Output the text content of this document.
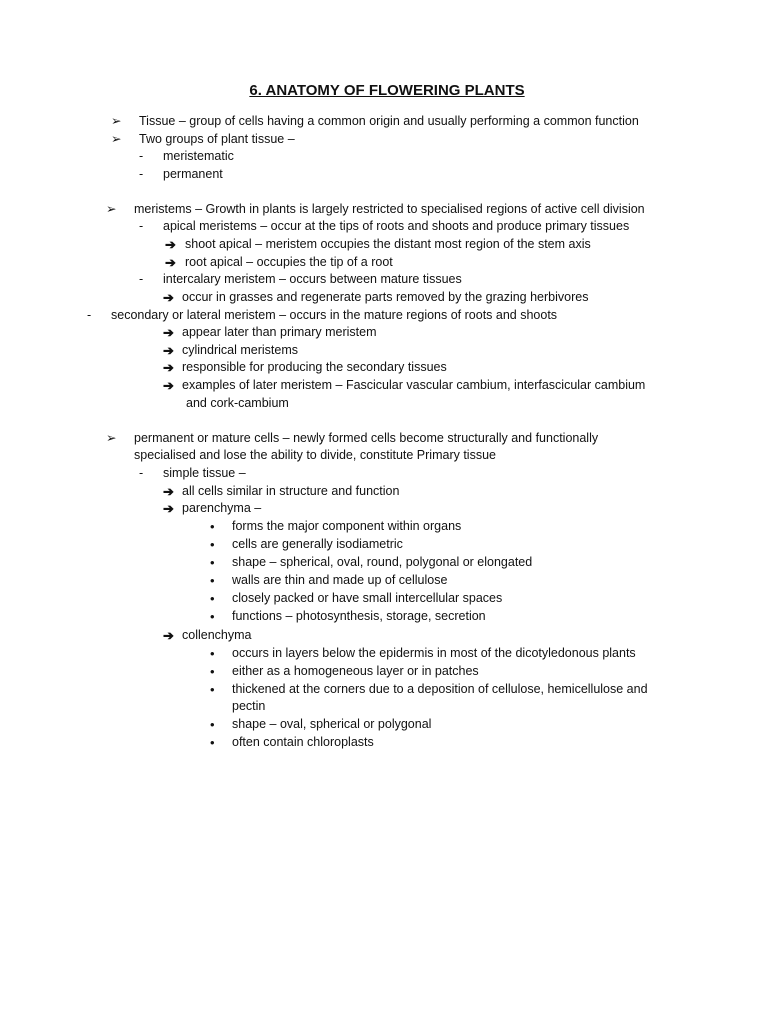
6. ANATOMY OF FLOWERING PLANTS
➢ Tissue – group of cells having a common origin and usually performing a common function

➢ Two groups of plant tissue –

- meristematic

- permanent

➢ meristems – Growth in plants is largely restricted to specialised regions of active cell division

- apical meristems – occur at the tips of roots and shoots and produce primary tissues

➔ shoot apical – meristem occupies the distant most region of the stem axis

➔ root apical – occupies the tip of a root

- intercalary meristem – occurs between mature tissues

➔ occur in grasses and regenerate parts removed by the grazing herbivores

- secondary or lateral meristem – occurs in the mature regions of roots and shoots

➔ appear later than primary meristem

➔ cylindrical meristems

➔ responsible for producing the secondary tissues

➔ examples of later meristem – Fascicular vascular cambium, interfascicular cambium

and cork-cambium

➢ permanent or mature cells – newly formed cells become structurally and functionally

specialised and lose the ability to divide, constitute Primary tissue

- simple tissue –

➔ all cells similar in structure and function

➔ parenchyma –

• forms the major component within organs

• cells are generally isodiametric

• shape – spherical, oval, round, polygonal or elongated

• walls are thin and made up of cellulose

• closely packed or have small intercellular spaces

• functions – photosynthesis, storage, secretion

➔ collenchyma

• occurs in layers below the epidermis in most of the dicotyledonous plants

• either as a homogeneous layer or in patches

• thickened at the corners due to a deposition of cellulose, hemicellulose and

pectin

• shape – oval, spherical or polygonal

• often contain chloroplasts
